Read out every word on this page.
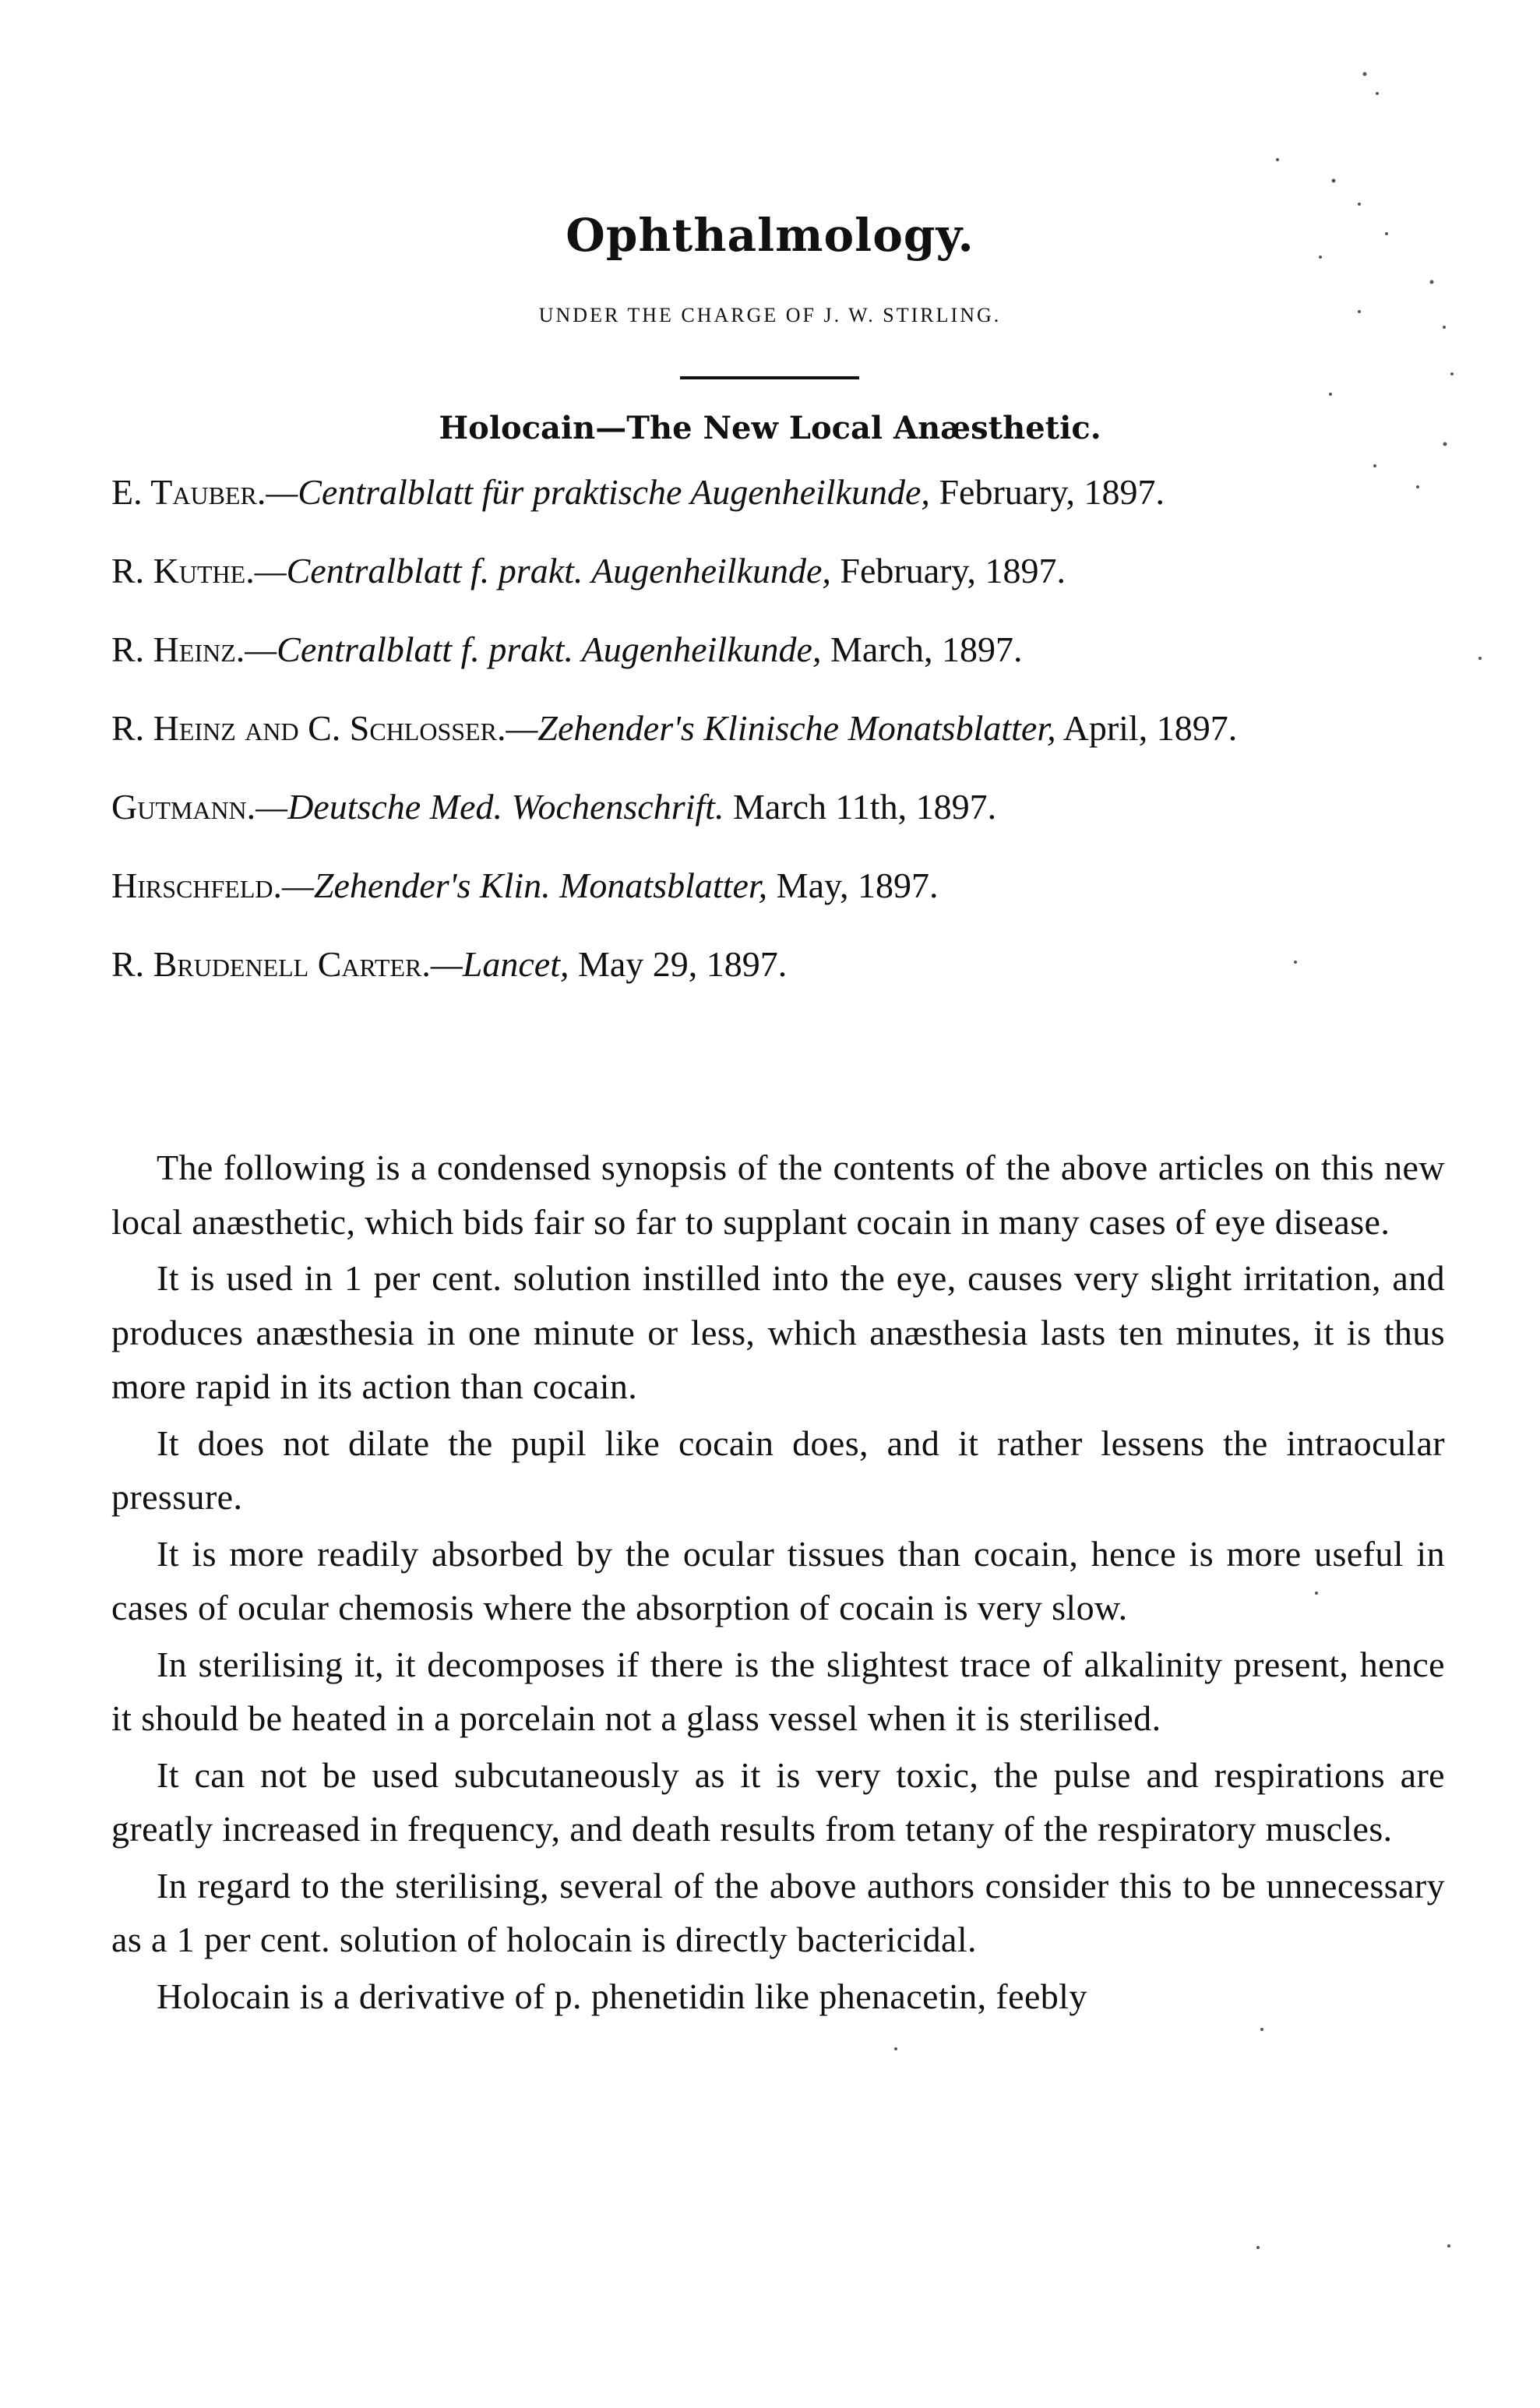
Ophthalmology.
UNDER THE CHARGE OF J. W. STIRLING.
Holocain—The New Local Anæsthetic.
E. Tauber.—Centralblatt für praktische Augenheilkunde, February, 1897.
R. Kuthe.—Centralblatt f. prakt. Augenheilkunde, February, 1897.
R. Heinz.—Centralblatt f. prakt. Augenheilkunde, March, 1897.
R. Heinz and C. Schlosser.—Zehender's Klinische Monatsblatter, April, 1897.
Gutmann.—Deutsche Med. Wochenschrift. March 11th, 1897.
Hirschfeld.—Zehender's Klin. Monatsblatter, May, 1897.
R. Brudenell Carter.—Lancet, May 29, 1897.

The following is a condensed synopsis of the contents of the above articles on this new local anæsthetic, which bids fair so far to supplant cocain in many cases of eye disease.

It is used in 1 per cent. solution instilled into the eye, causes very slight irritation, and produces anæsthesia in one minute or less, which anæsthesia lasts ten minutes, it is thus more rapid in its action than cocain.

It does not dilate the pupil like cocain does, and it rather lessens the intraocular pressure.

It is more readily absorbed by the ocular tissues than cocain, hence is more useful in cases of ocular chemosis where the absorption of cocain is very slow.

In sterilising it, it decomposes if there is the slightest trace of alkalinity present, hence it should be heated in a porcelain not a glass vessel when it is sterilised.

It can not be used subcutaneously as it is very toxic, the pulse and respirations are greatly increased in frequency, and death results from tetany of the respiratory muscles.

In regard to the sterilising, several of the above authors consider this to be unnecessary as a 1 per cent. solution of holocain is directly bactericidal.

Holocain is a derivative of p. phenetidin like phenacetin, feebly
